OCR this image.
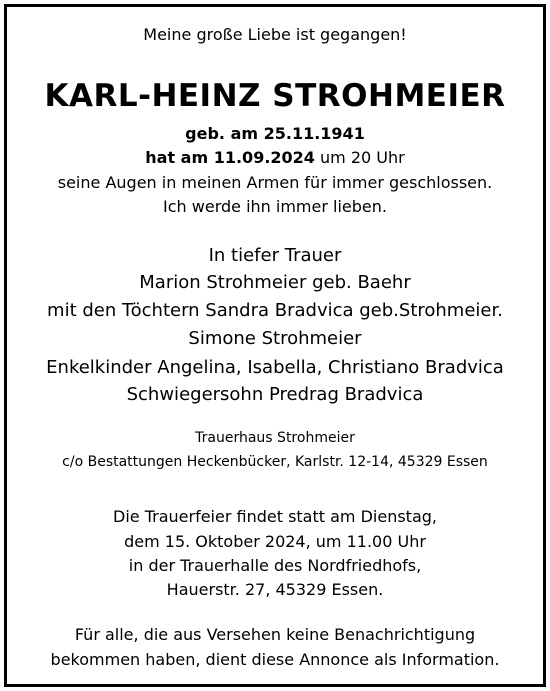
Meine große Liebe ist gegangen!
KARL-HEINZ STROHMEIER
geb. am 25.11.1941
hat am 11.09.2024 um 20 Uhr
seine Augen in meinen Armen für immer geschlossen.
Ich werde ihn immer lieben.
In tiefer Trauer
Marion Strohmeier geb. Baehr
mit den Töchtern Sandra Bradvica geb.Strohmeier.
Simone Strohmeier
Enkelkinder Angelina, Isabella, Christiano Bradvica
Schwiegersohn Predrag Bradvica
Trauerhaus Strohmeier
c/o Bestattungen Heckenbücker, Karlstr. 12-14, 45329 Essen
Die Trauerfeier findet statt am Dienstag,
dem 15. Oktober 2024, um 11.00 Uhr
in der Trauerhalle des Nordfriedhofs,
Hauerstr. 27, 45329 Essen.
Für alle, die aus Versehen keine Benachrichtigung
bekommen haben, dient diese Annonce als Information.
